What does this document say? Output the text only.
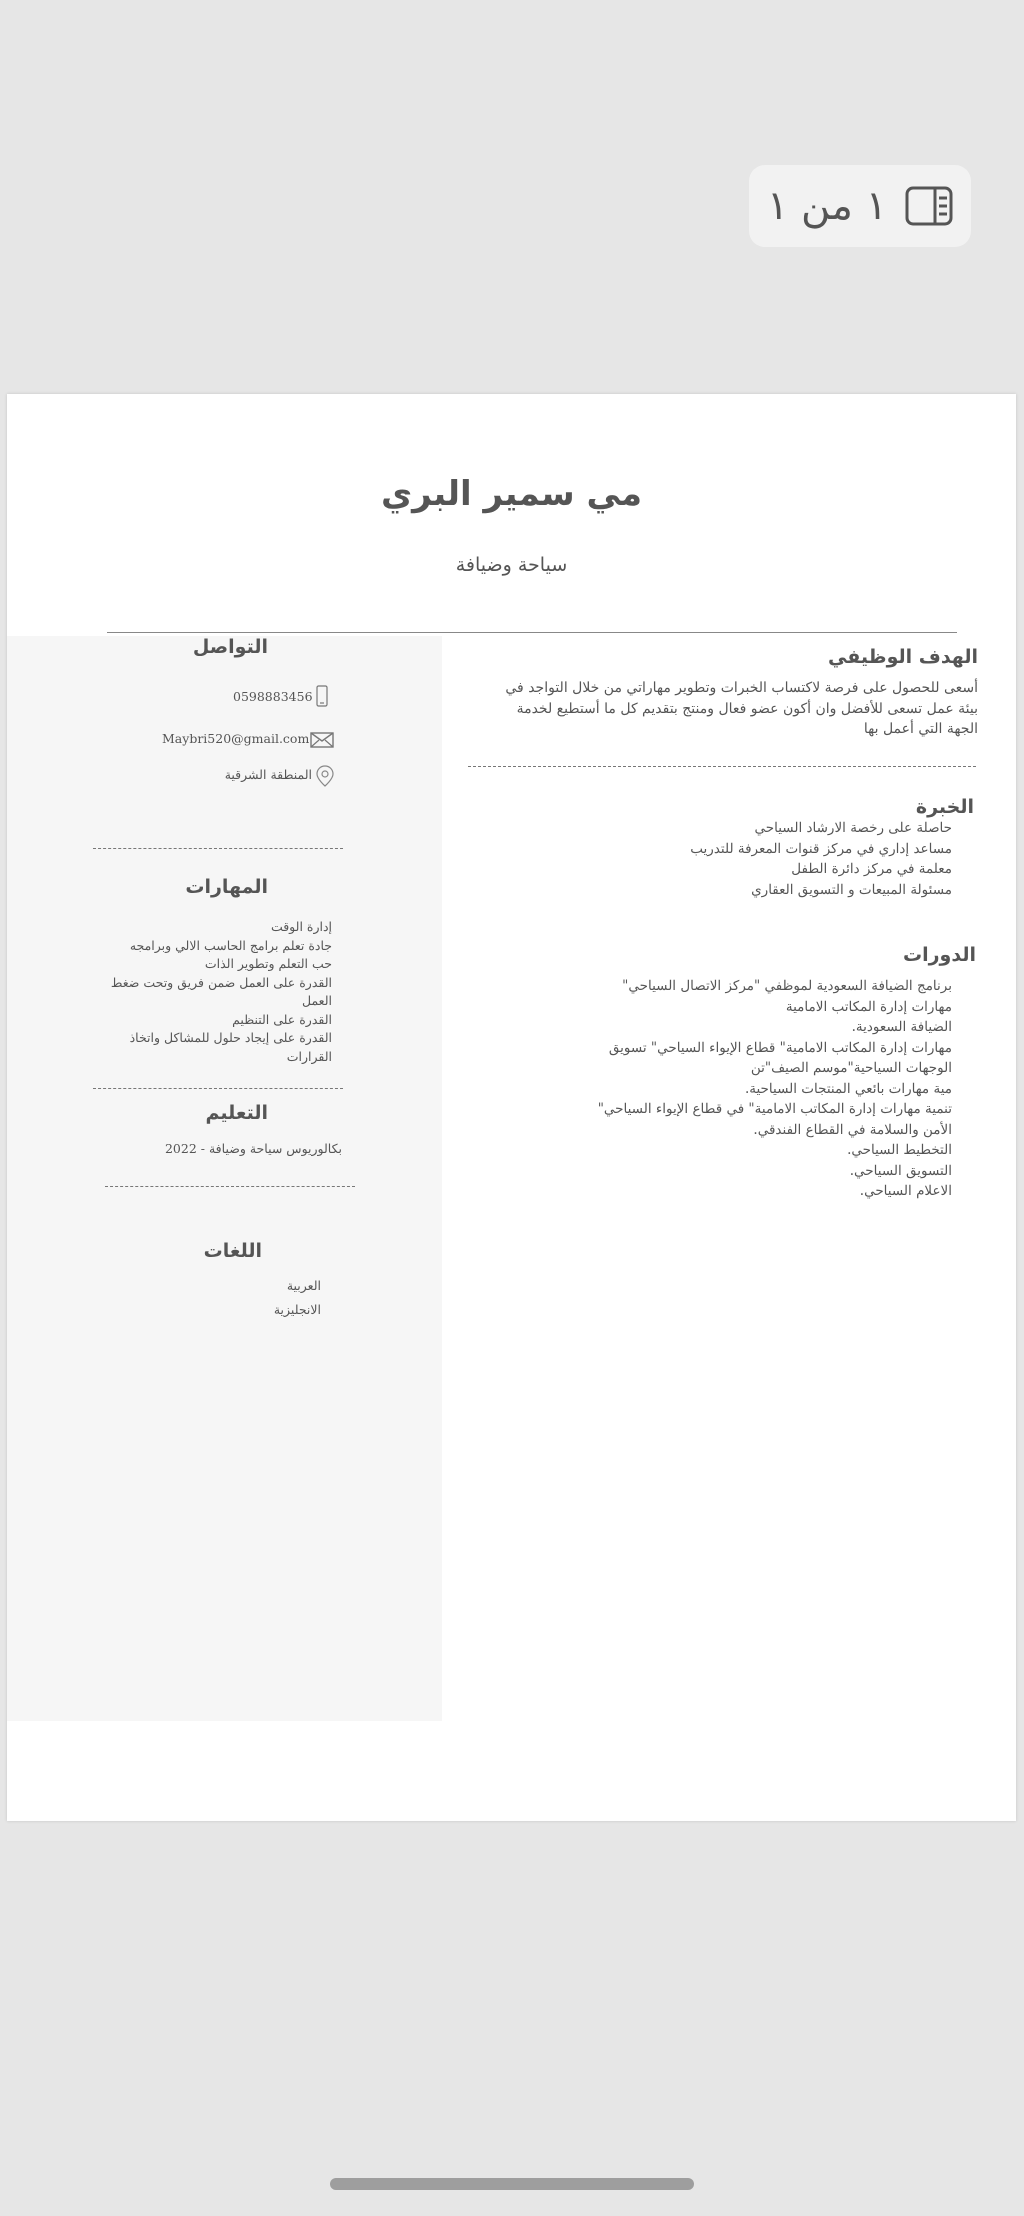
١ من ١
مي سمير البري
سياحة وضيافة
التواصل
0598883456
Maybri520@gmail.com
المنطقة الشرقية
المهارات
إدارة الوقت
جادة تعلم برامج الحاسب الالي وبرامجه
حب التعلم وتطوير الذات
القدرة على العمل ضمن فريق وتحت ضغط العمل
القدرة على التنظيم
القدرة على إيجاد حلول للمشاكل واتخاذ القرارات
التعليم
بكالوريوس سياحة وضيافة - 2022
اللغات
العربية
الانجليزية
الهدف الوظيفي
أسعى للحصول على فرصة لاكتساب الخبرات وتطوير مهاراتي من خلال التواجد في بيئة عمل تسعى للأفضل وان أكون عضو فعال ومنتج بتقديم كل ما أستطيع لخدمة الجهة التي أعمل بها
الخبرة
حاصلة على رخصة الارشاد السياحي
مساعد إداري في مركز قنوات المعرفة للتدريب
معلمة في مركز دائرة الطفل
مسئولة المبيعات و التسويق العقاري
الدورات
برنامج الضيافة السعودية لموظفي "مركز الاتصال السياحي"
مهارات إدارة المكاتب الامامية
الضيافة السعودية.
مهارات إدارة المكاتب الامامية" قطاع الإيواء السياحي" تسويق
الوجهات السياحية"موسم الصيف"تن
مية مهارات بائعي المنتجات السياحية.
تنمية مهارات إدارة المكاتب الامامية" في قطاع الإيواء السياحي"
الأمن والسلامة في القطاع الفندقي.
التخطيط السياحي.
التسويق السياحي.
الاعلام السياحي.
